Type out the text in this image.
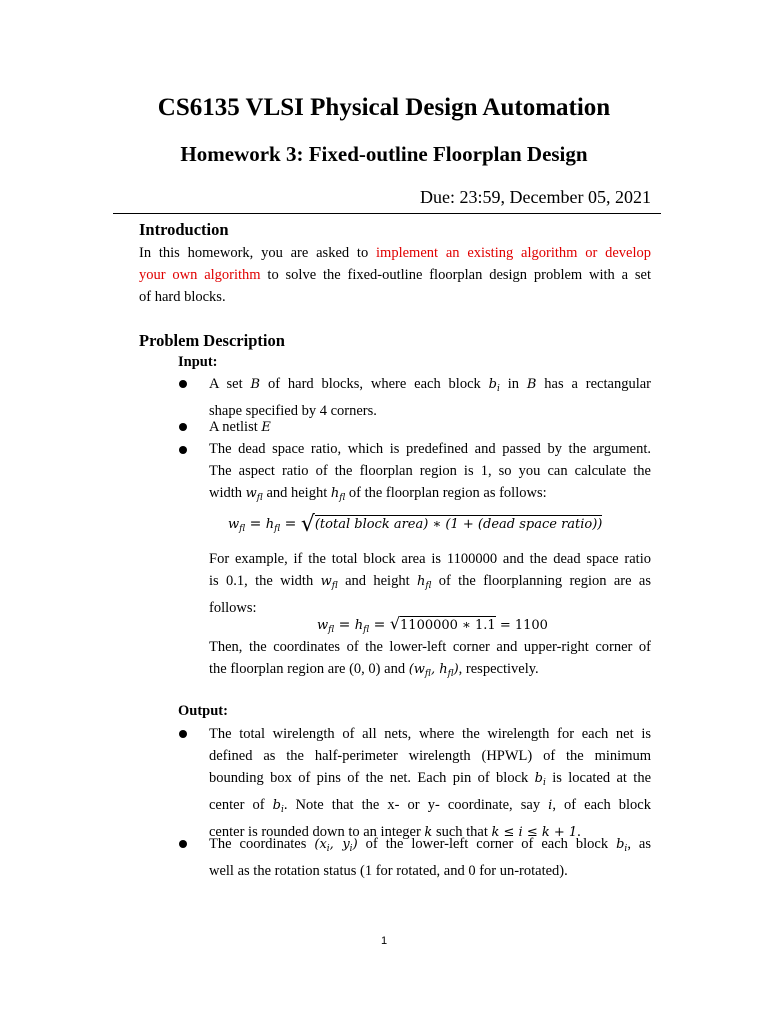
CS6135 VLSI Physical Design Automation
Homework 3: Fixed-outline Floorplan Design
Due: 23:59, December 05, 2021
Introduction
In this homework, you are asked to implement an existing algorithm or develop
your own algorithm to solve the fixed-outline floorplan design problem with a set
of hard blocks.
Problem Description
Input:
A set B of hard blocks, where each block $b_i$ in B has a rectangular
shape specified by 4 corners.
A netlist E
The dead space ratio, which is predefined and passed by the argument.
The aspect ratio of the floorplan region is 1, so you can calculate the
width $w_{fl}$ and height $h_{fl}$ of the floorplan region as follows:
$w_{fl} = h_{fl}$ = √(total block area) ∗ (1 + (dead space ratio))
For example, if the total block area is 1100000 and the dead space ratio
is 0.1, the width $w_{fl}$ and height $h_{fl}$ of the floorplanning region are as
follows:
$w_{fl} = h_{fl} = √1100000$ ∗ 1.1 = 1100
Then, the coordinates of the lower-left corner and upper-right corner of
the floorplan region are (0, 0) and ($w_{fl}$, $h_{fl}$), respectively.
Output:
The total wirelength of all nets, where the wirelength for each net is
defined as the half-perimeter wirelength (HPWL) of the minimum
bounding box of pins of the net. Each pin of block $b_i$ is located at the
center of $b_i$. Note that the x- or y- coordinate, say i, of each block
center is rounded down to an integer k such that k ≤ i ≤ k + 1.
The coordinates ($x_i$, $y_i$) of the lower-left corner of each block $b_i$, as
well as the rotation status (1 for rotated, and 0 for un-rotated).
1
